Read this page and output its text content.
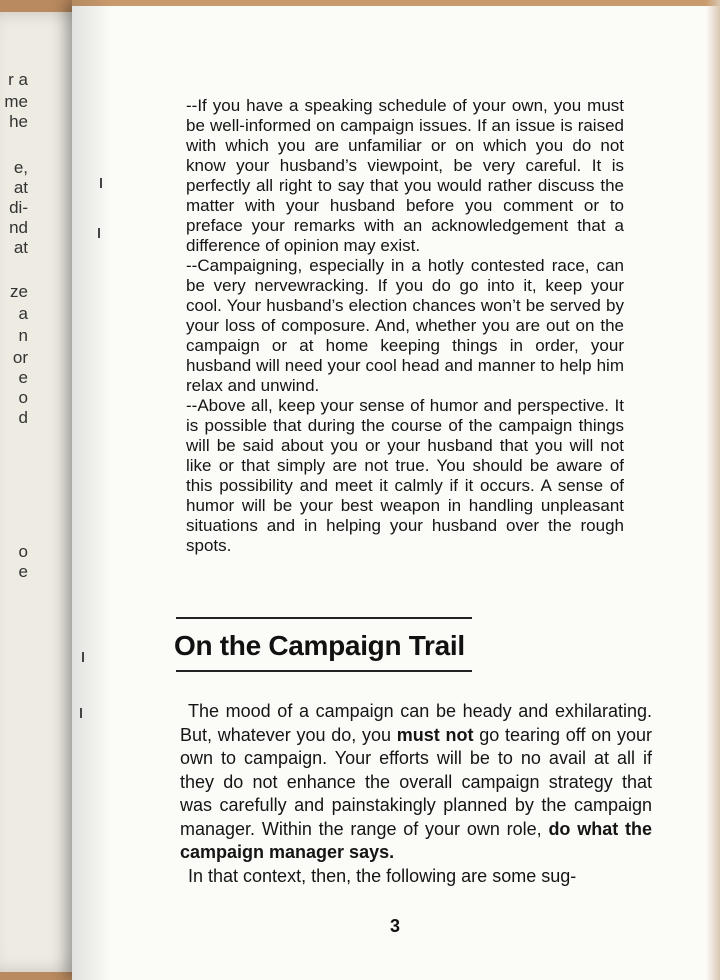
r a
me
he
e,
at
di-
nd
at
ze
a
n
or
e
o
d
o
e

--If you have a speaking schedule of your own, you must be well-informed on campaign issues. If an issue is raised with which you are unfamiliar or on which you do not know your husband’s viewpoint, be very careful. It is perfectly all right to say that you would rather discuss the matter with your husband before you comment or to preface your remarks with an acknowledgement that a difference of opinion may exist.

--Campaigning, especially in a hotly contested race, can be very nervewracking. If you do go into it, keep your cool. Your husband’s election chances won’t be served by your loss of composure. And, whether you are out on the campaign or at home keeping things in order, your husband will need your cool head and manner to help him relax and unwind.

--Above all, keep your sense of humor and perspective. It is possible that during the course of the campaign things will be said about you or your husband that you will not like or that simply are not true. You should be aware of this possibility and meet it calmly if it occurs. A sense of humor will be your best weapon in handling unpleasant situations and in helping your husband over the rough spots.

On the Campaign Trail

The mood of a campaign can be heady and exhilarating. But, whatever you do, you must not go tearing off on your own to campaign. Your efforts will be to no avail at all if they do not enhance the overall campaign strategy that was carefully and painstakingly planned by the campaign manager. Within the range of your own role, do what the campaign manager says.

In that context, then, the following are some sug-

3
